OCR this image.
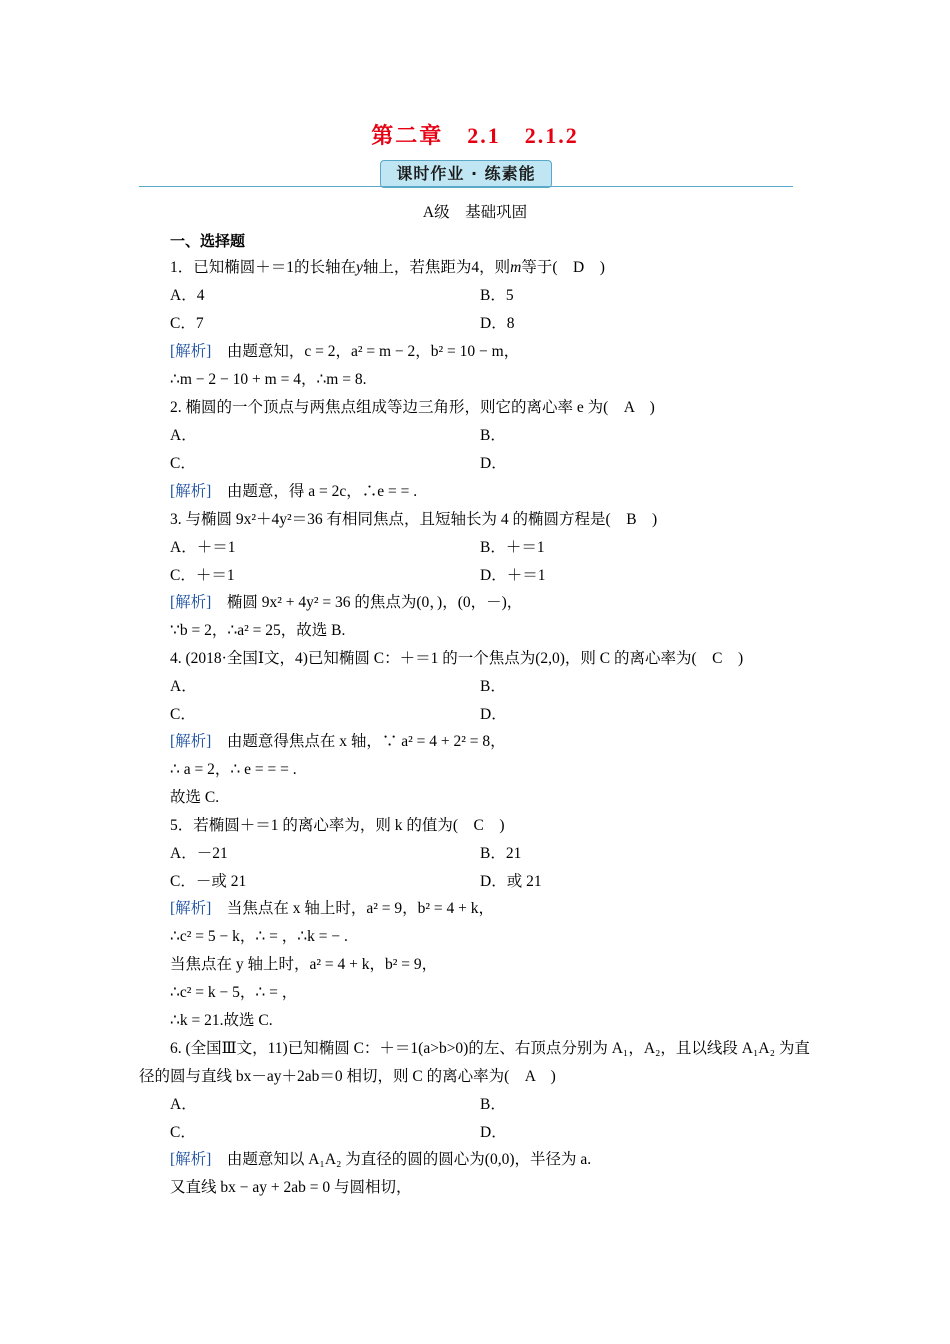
第二章　2.1　2.1.2
课时作业 · 练素能
A级　基础巩固
一、选择题
1．已知椭圆＋＝1的长轴在y轴上，若焦距为4，则m等于(　D　)
A．4	B．5
C．7	D．8
[解析]　 由题意知，c = 2，a² = m − 2，b² = 10 − m，
∴m − 2 − 10 + m = 4，∴m = 8.
2. 椭圆的一个顶点与两焦点组成等边三角形，则它的离心率 e 为(　A　)
A．	B．
C．	D．
[解析]　 由题意，得 a = 2c，∴e = = .
3. 与椭圆 9x²＋4y²＝36 有相同焦点，且短轴长为 4 的椭圆方程是(　B　)
A．＋＝1	B．＋＝1
C．＋＝1	D．＋＝1
[解析]　 椭圆 9x² + 4y² = 36 的焦点为(0，)，(0，－)，
∵b = 2，∴a² = 25，故选 B.
4. (2018·全国Ⅰ文，4)已知椭圆 C：＋＝1 的一个焦点为(2,0)，则 C 的离心率为(　C　)
A．	B．
C．	D．
[解析]　 由题意得焦点在 x 轴，∵ a² = 4 + 2² = 8，
∴ a = 2，∴ e = = = .
故选 C.
5．若椭圆＋＝1 的离心率为，则 k 的值为(　C　)
A．－21	B．21
C．－或 21	D．或 21
[解析]　 当焦点在 x 轴上时，a² = 9，b² = 4 + k，
∴c² = 5 − k，∴ = ，∴k = − .
当焦点在 y 轴上时，a² = 4 + k，b² = 9，
∴c² = k − 5，∴ = ，
∴k = 21.故选 C.
6. (全国Ⅲ文，11)已知椭圆 C：＋＝1(a>b>0)的左、右顶点分别为 A₁，A₂，且以线段 A₁A₂ 为直
径的圆与直线 bx－ay＋2ab＝0 相切，则 C 的离心率为(　A　)
A．	B．
C．	D．
[解析]　 由题意知以 A₁A₂ 为直径的圆的圆心为(0,0)，半径为 a.
又直线 bx − ay + 2ab = 0 与圆相切，
